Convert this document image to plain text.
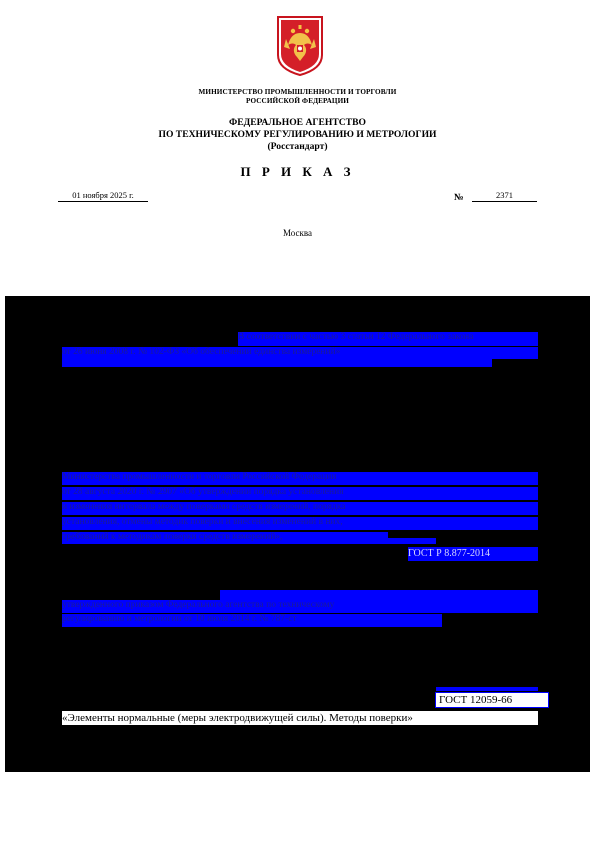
МИНИСТЕРСТВО ПРОМЫШЛЕННОСТИ И ТОРГОВЛИ
РОССИЙСКОЙ ФЕДЕРАЦИИ
ФЕДЕРАЛЬНОЕ АГЕНТСТВО
ПО ТЕХНИЧЕСКОМУ РЕГУЛИРОВАНИЮ И МЕТРОЛОГИИ
(Росстандарт)
П Р И К А З
01 ноября 2025 г.	№	2371
Москва
В соответствии с частью 3 статьи 12 Федерального закона
от 26 июня 2008 г. № 102-ФЗ «Об обеспечении единства измерений»
Министерства промышленности и торговли Российской Федерации
от 28 августа 2020 г. № 2907 «Об утверждении порядка установления
и изменения интервала между поверками средств измерений, порядка
установления, отмены методик поверки и внесения изменений в них,
требований к методикам поверки средств измерений»,
ГОСТ Р 8.877-2014
утвержденного приказом Федерального агентства по техническому
регулированию и метрологии от 10 июля 2014 г. № 787-ст
ГОСТ 12059-66
«Элементы нормальные (меры электродвижущей силы). Методы поверки»
